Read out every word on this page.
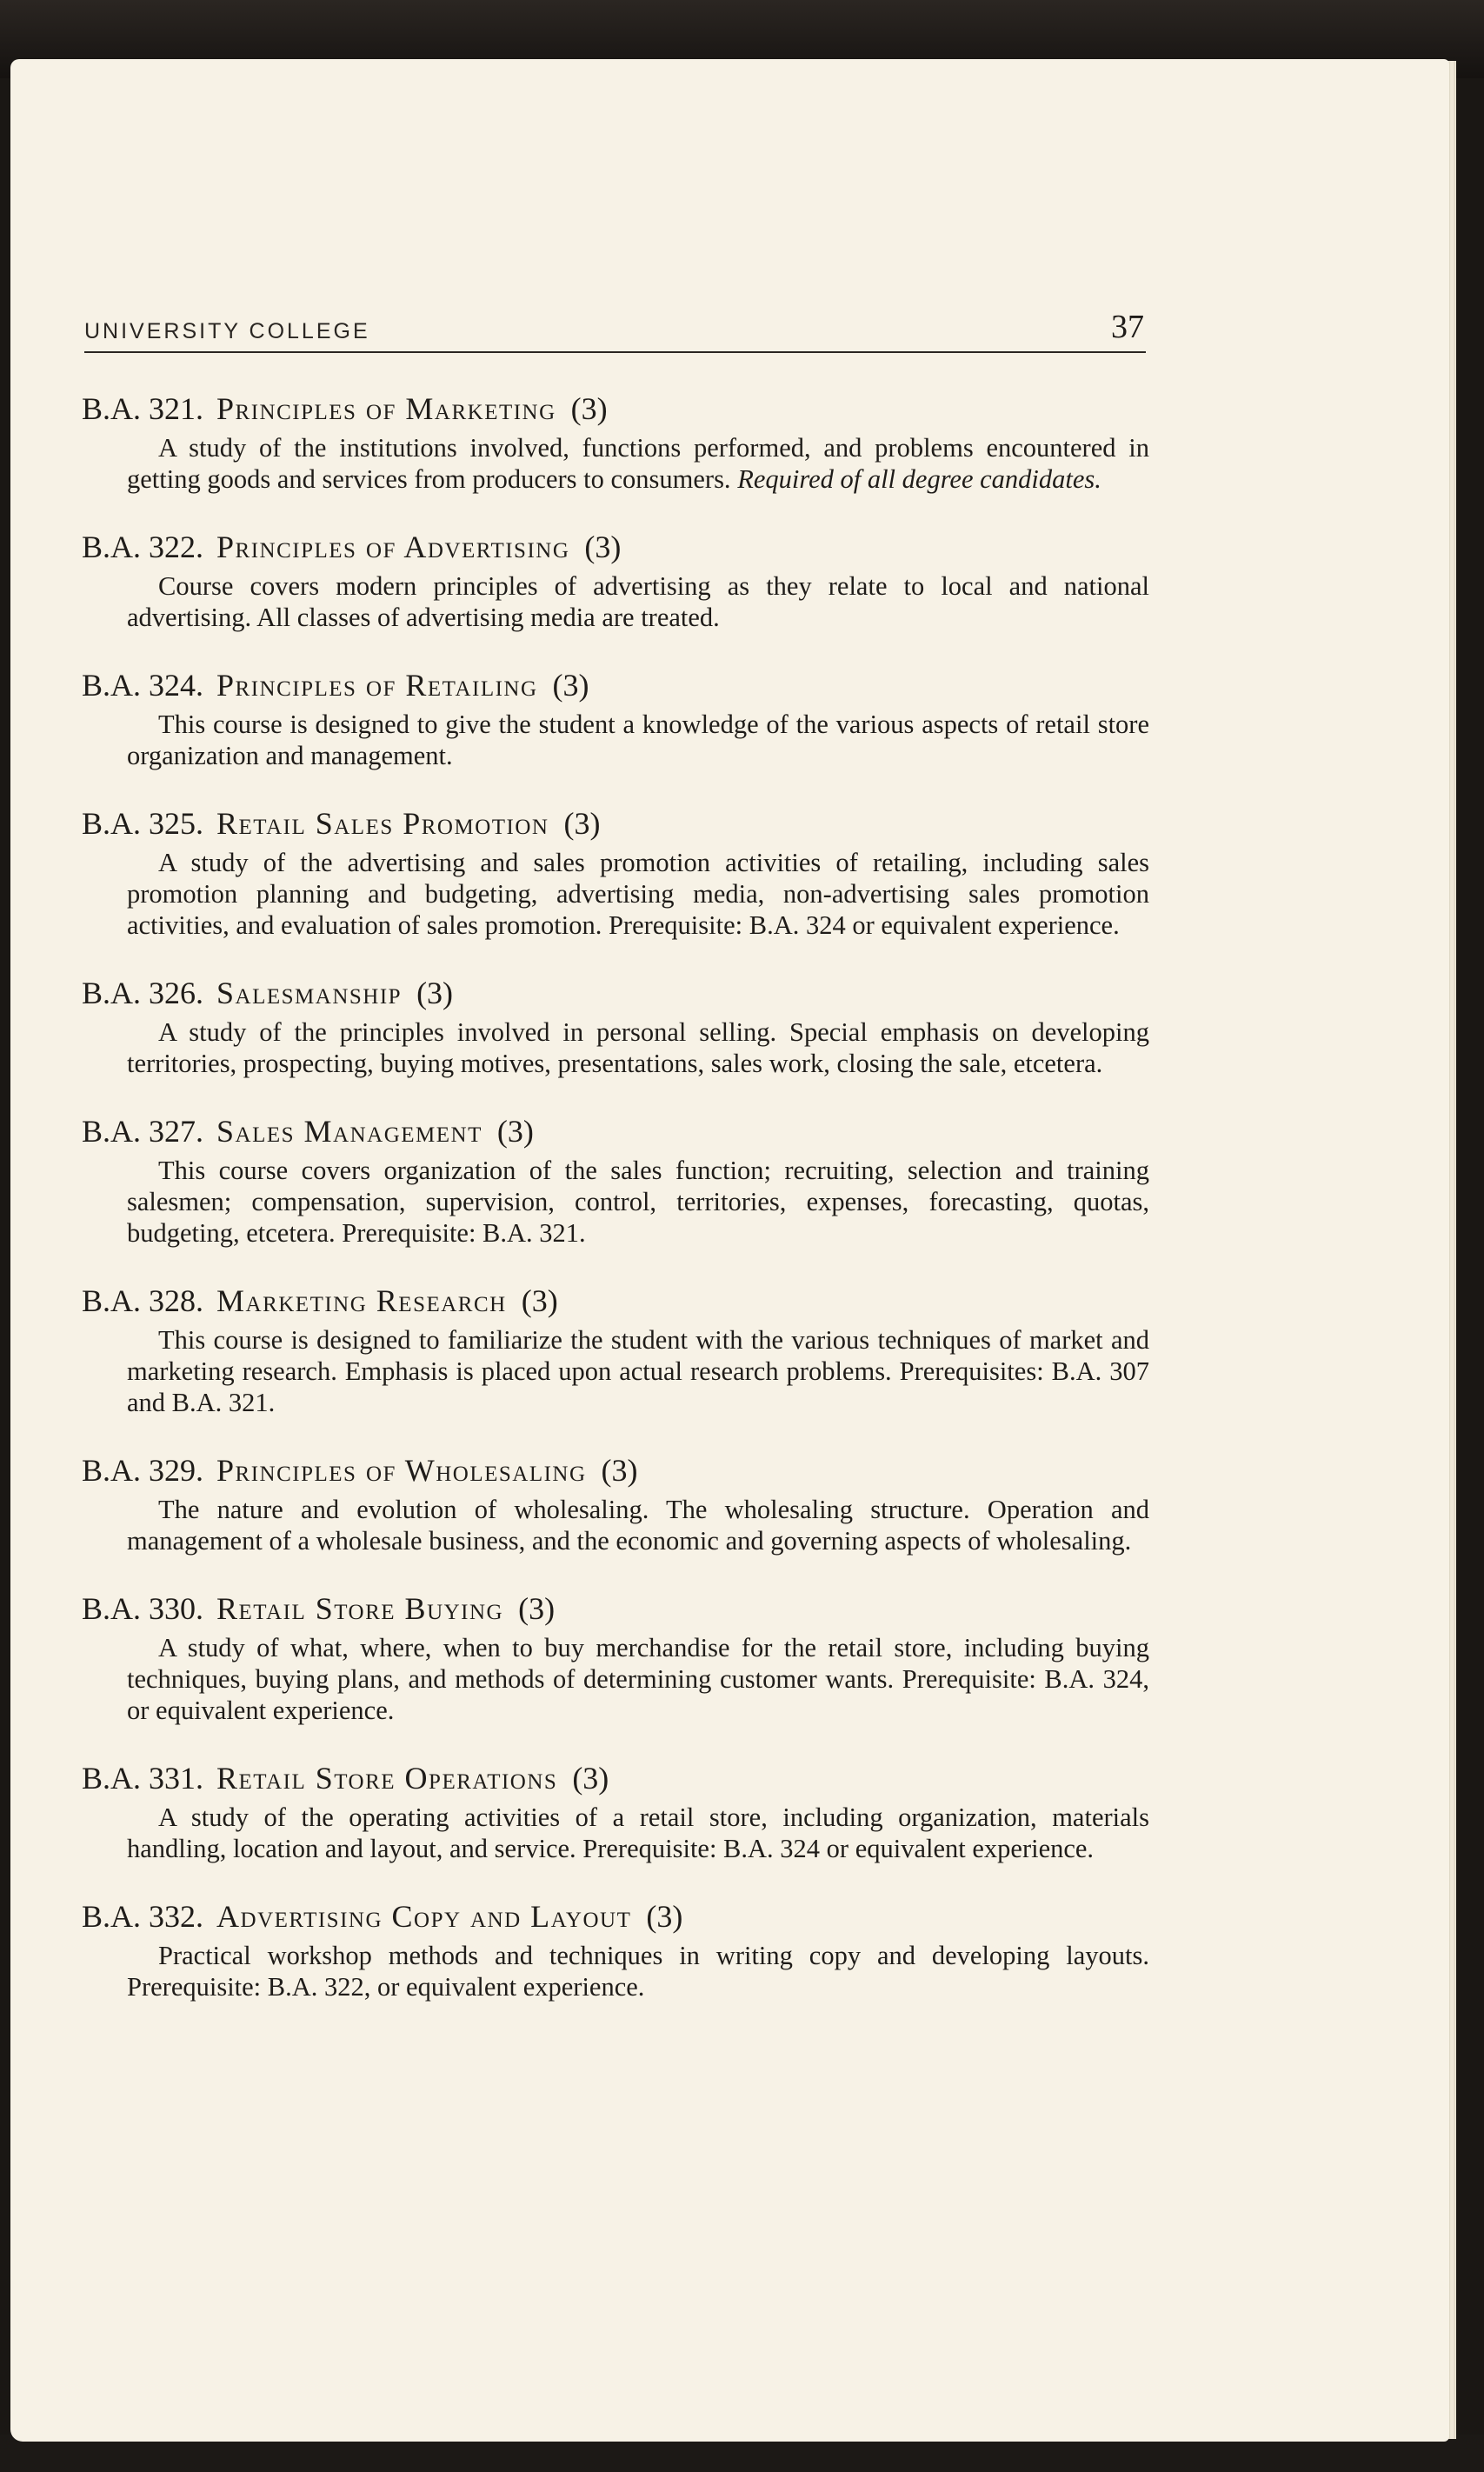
UNIVERSITY COLLEGE	37
B.A. 321. Principles of Marketing (3)

A study of the institutions involved, functions performed, and problems encountered in getting goods and services from producers to consumers. Required of all degree candidates.

B.A. 322. Principles of Advertising (3)

Course covers modern principles of advertising as they relate to local and national advertising. All classes of advertising media are treated.

B.A. 324. Principles of Retailing (3)

This course is designed to give the student a knowledge of the various aspects of retail store organization and management.

B.A. 325. Retail Sales Promotion (3)

A study of the advertising and sales promotion activities of retailing, including sales promotion planning and budgeting, advertising media, non-advertising sales promotion activities, and evaluation of sales promotion. Prerequisite: B.A. 324 or equivalent experience.

B.A. 326. Salesmanship (3)

A study of the principles involved in personal selling. Special emphasis on developing territories, prospecting, buying motives, presentations, sales work, closing the sale, etcetera.

B.A. 327. Sales Management (3)

This course covers organization of the sales function; recruiting, selection and training salesmen; compensation, supervision, control, territories, expenses, forecasting, quotas, budgeting, etcetera. Prerequisite: B.A. 321.

B.A. 328. Marketing Research (3)

This course is designed to familiarize the student with the various techniques of market and marketing research. Emphasis is placed upon actual research problems. Prerequisites: B.A. 307 and B.A. 321.

B.A. 329. Principles of Wholesaling (3)

The nature and evolution of wholesaling. The wholesaling structure. Operation and management of a wholesale business, and the economic and governing aspects of wholesaling.

B.A. 330. Retail Store Buying (3)

A study of what, where, when to buy merchandise for the retail store, including buying techniques, buying plans, and methods of determining customer wants. Prerequisite: B.A. 324, or equivalent experience.

B.A. 331. Retail Store Operations (3)

A study of the operating activities of a retail store, including organization, materials handling, location and layout, and service. Prerequisite: B.A. 324 or equivalent experience.

B.A. 332. Advertising Copy and Layout (3)

Practical workshop methods and techniques in writing copy and developing layouts. Prerequisite: B.A. 322, or equivalent experience.
